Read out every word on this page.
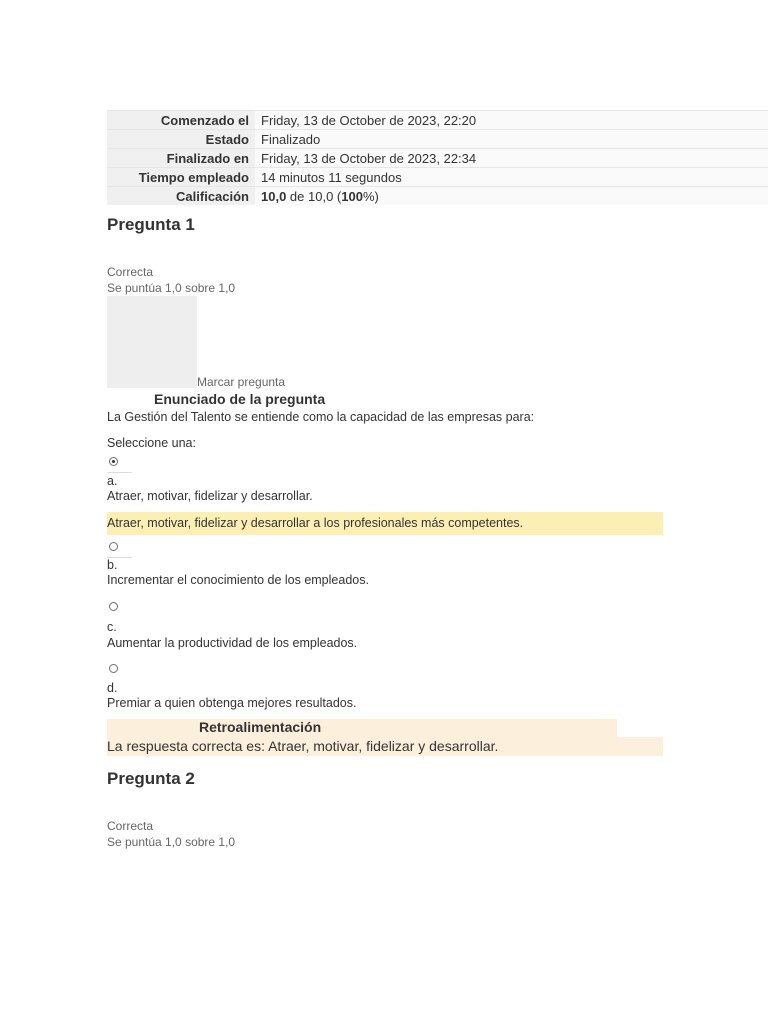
Comenzado el	Friday, 13 de October de 2023, 22:20
Estado	Finalizado
Finalizado en	Friday, 13 de October de 2023, 22:34
Tiempo empleado	14 minutos 11 segundos
Calificación	10,0 de 10,0 (100%)
Pregunta 1
Correcta
Se puntúa 1,0 sobre 1,0
Marcar pregunta
Enunciado de la pregunta
La Gestión del Talento se entiende como la capacidad de las empresas para:
Seleccione una:
a.
Atraer, motivar, fidelizar y desarrollar.
Atraer, motivar, fidelizar y desarrollar a los profesionales más competentes.
b.
Incrementar el conocimiento de los empleados.
c.
Aumentar la productividad de los empleados.
d.
Premiar a quien obtenga mejores resultados.
Retroalimentación
La respuesta correcta es: Atraer, motivar, fidelizar y desarrollar.
Pregunta 2
Correcta
Se puntúa 1,0 sobre 1,0
